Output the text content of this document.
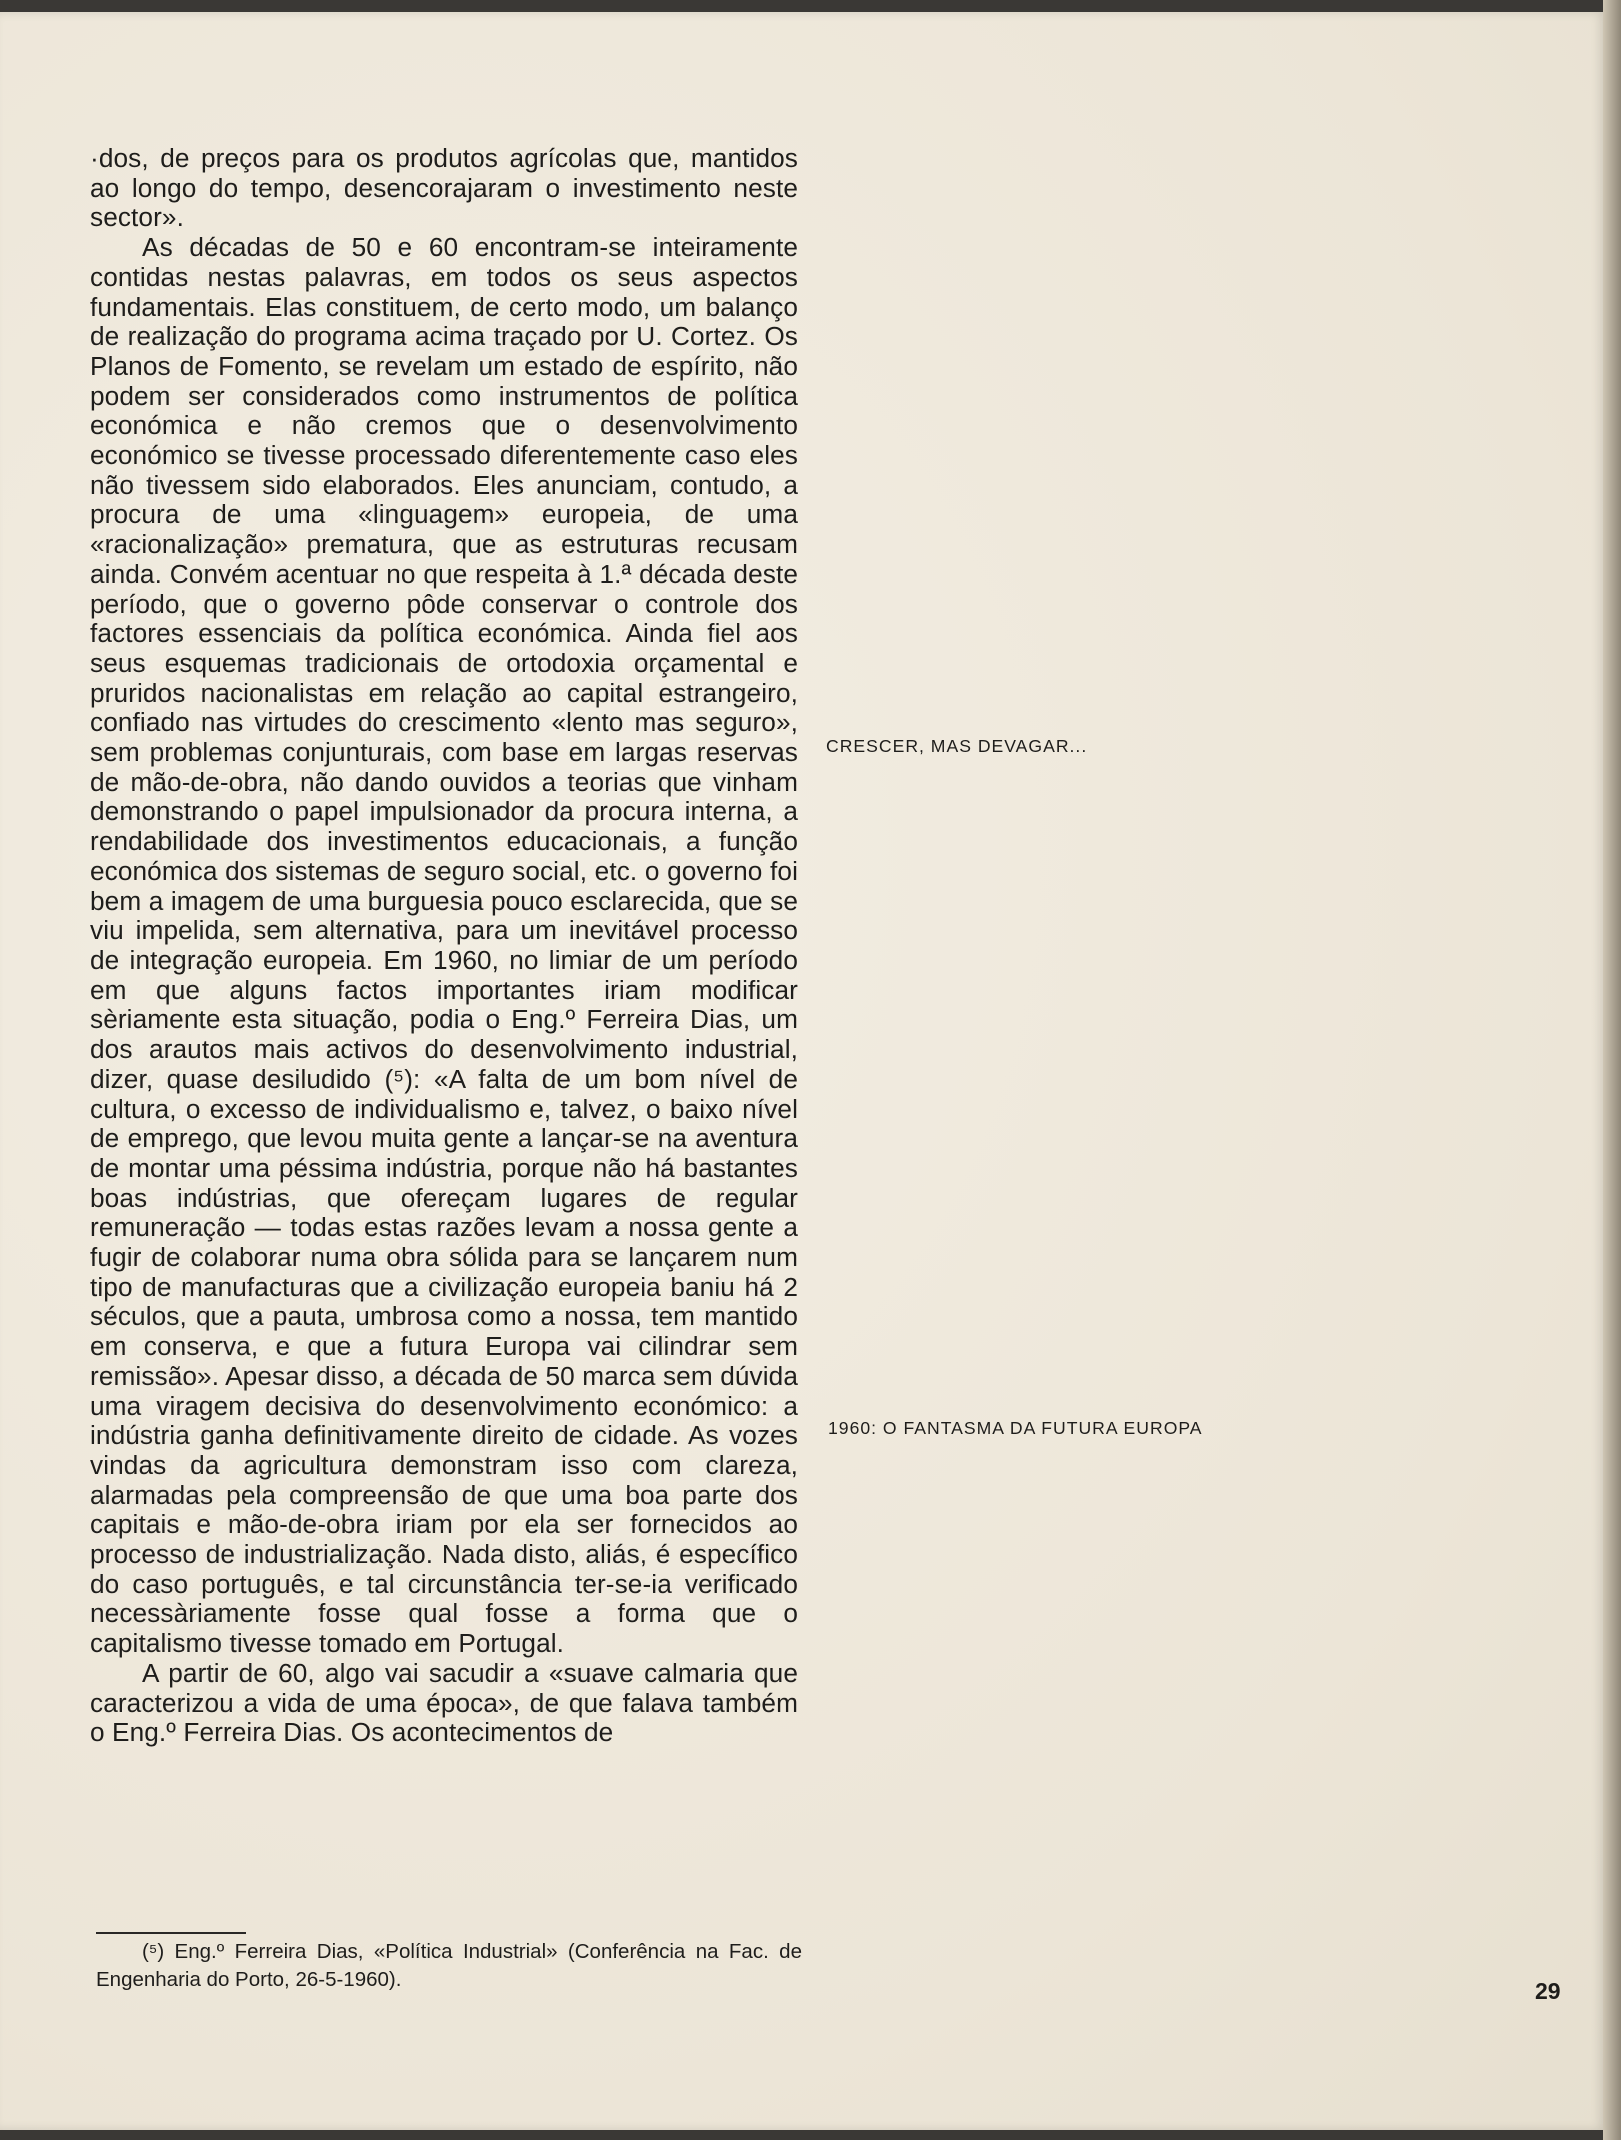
·dos, de preços para os produtos agrícolas que, mantidos ao longo do tempo, desencorajaram o investimento neste sector».

As décadas de 50 e 60 encontram-se inteiramente contidas nestas palavras, em todos os seus aspectos fundamentais. Elas constituem, de certo modo, um balanço de realização do programa acima traçado por U. Cortez. Os Planos de Fomento, se revelam um estado de espírito, não podem ser considerados como instrumentos de política económica e não cremos que o desenvolvimento económico se tivesse processado diferentemente caso eles não tivessem sido elaborados. Eles anunciam, contudo, a procura de uma «linguagem» europeia, de uma «racionalização» prematura, que as estruturas recusam ainda. Convém acentuar no que respeita à 1.ª década deste período, que o governo pôde conservar o controle dos factores essenciais da política económica. Ainda fiel aos seus esquemas tradicionais de ortodoxia orçamental e pruridos nacionalistas em relação ao capital estrangeiro, confiado nas virtudes do crescimento «lento mas seguro», sem problemas conjunturais, com base em largas reservas de mão-de-obra, não dando ouvidos a teorias que vinham demonstrando o papel impulsionador da procura interna, a rendabilidade dos investimentos educacionais, a função económica dos sistemas de seguro social, etc. o governo foi bem a imagem de uma burguesia pouco esclarecida, que se viu impelida, sem alternativa, para um inevitável processo de integração europeia. Em 1960, no limiar de um período em que alguns factos importantes iriam modificar sèriamente esta situação, podia o Eng.º Ferreira Dias, um dos arautos mais activos do desenvolvimento industrial, dizer, quase desiludido (⁵): «A falta de um bom nível de cultura, o excesso de individualismo e, talvez, o baixo nível de emprego, que levou muita gente a lançar-se na aventura de montar uma péssima indústria, porque não há bastantes boas indústrias, que ofereçam lugares de regular remuneração — todas estas razões levam a nossa gente a fugir de colaborar numa obra sólida para se lançarem num tipo de manufacturas que a civilização europeia baniu há 2 séculos, que a pauta, umbrosa como a nossa, tem mantido em conserva, e que a futura Europa vai cilindrar sem remissão». Apesar disso, a década de 50 marca sem dúvida uma viragem decisiva do desenvolvimento económico: a indústria ganha definitivamente direito de cidade. As vozes vindas da agricultura demonstram isso com clareza, alarmadas pela compreensão de que uma boa parte dos capitais e mão-de-obra iriam por ela ser fornecidos ao processo de industrialização. Nada disto, aliás, é específico do caso português, e tal circunstância ter-se-ia verificado necessàriamente fosse qual fosse a forma que o capitalismo tivesse tomado em Portugal.

A partir de 60, algo vai sacudir a «suave calmaria que caracterizou a vida de uma época», de que falava também o Eng.º Ferreira Dias. Os acontecimentos de

CRESCER, MAS DEVAGAR...
1960: O FANTASMA DA FUTURA EUROPA
(⁵) Eng.º Ferreira Dias, «Política Industrial» (Conferência na Fac. de Engenharia do Porto, 26-5-1960).	29
